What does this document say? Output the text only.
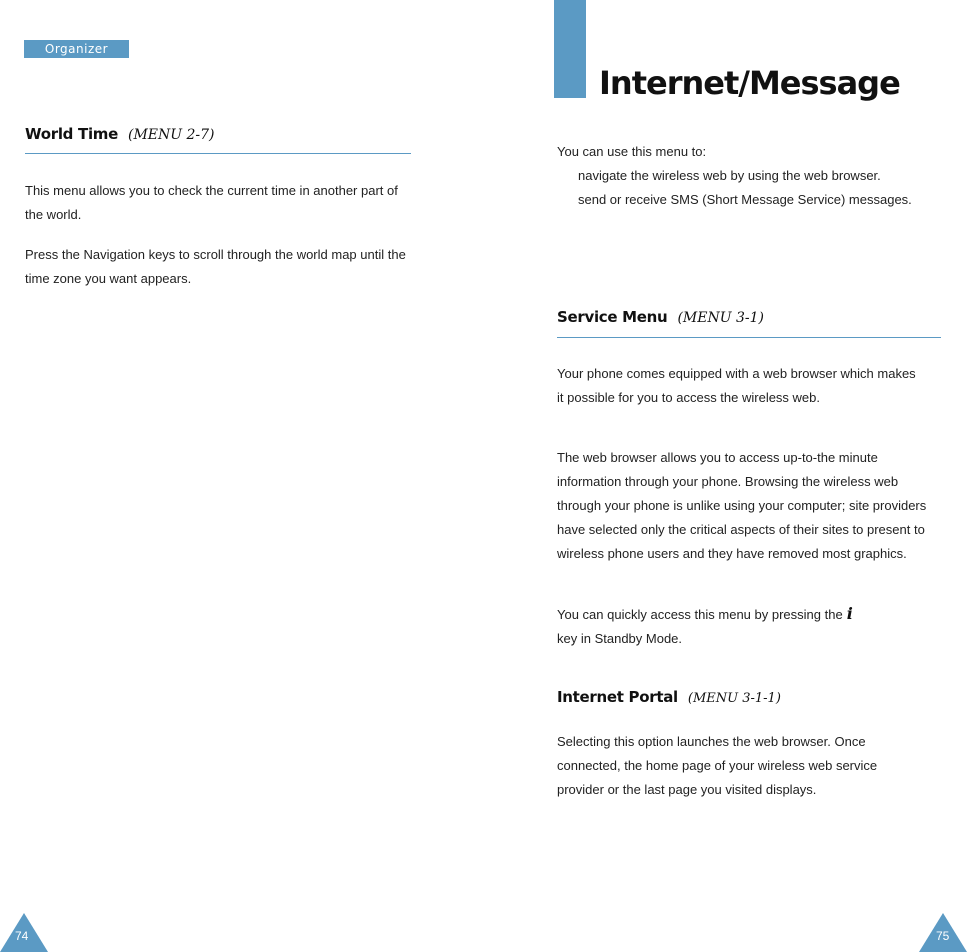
Organizer
World Time (MENU 2-7)

This menu allows you to check the current time in another part of the world.

Press the Navigation keys to scroll through the world map until the time zone you want appears.

74
Internet/Message

You can use this menu to:

navigate the wireless web by using the web browser.
send or receive SMS (Short Message Service) messages.
Service Menu (MENU 3-1)

Your phone comes equipped with a web browser which makes it possible for you to access the wireless web.

The web browser allows you to access up-to-the minute information through your phone. Browsing the wireless web through your phone is unlike using your computer; site providers have selected only the critical aspects of their sites to present to wireless phone users and they have removed most graphics.

You can quickly access this menu by pressing the i
key in Standby Mode.

Internet Portal (MENU 3-1-1)

Selecting this option launches the web browser. Once connected, the home page of your wireless web service provider or the last page you visited displays.

75
